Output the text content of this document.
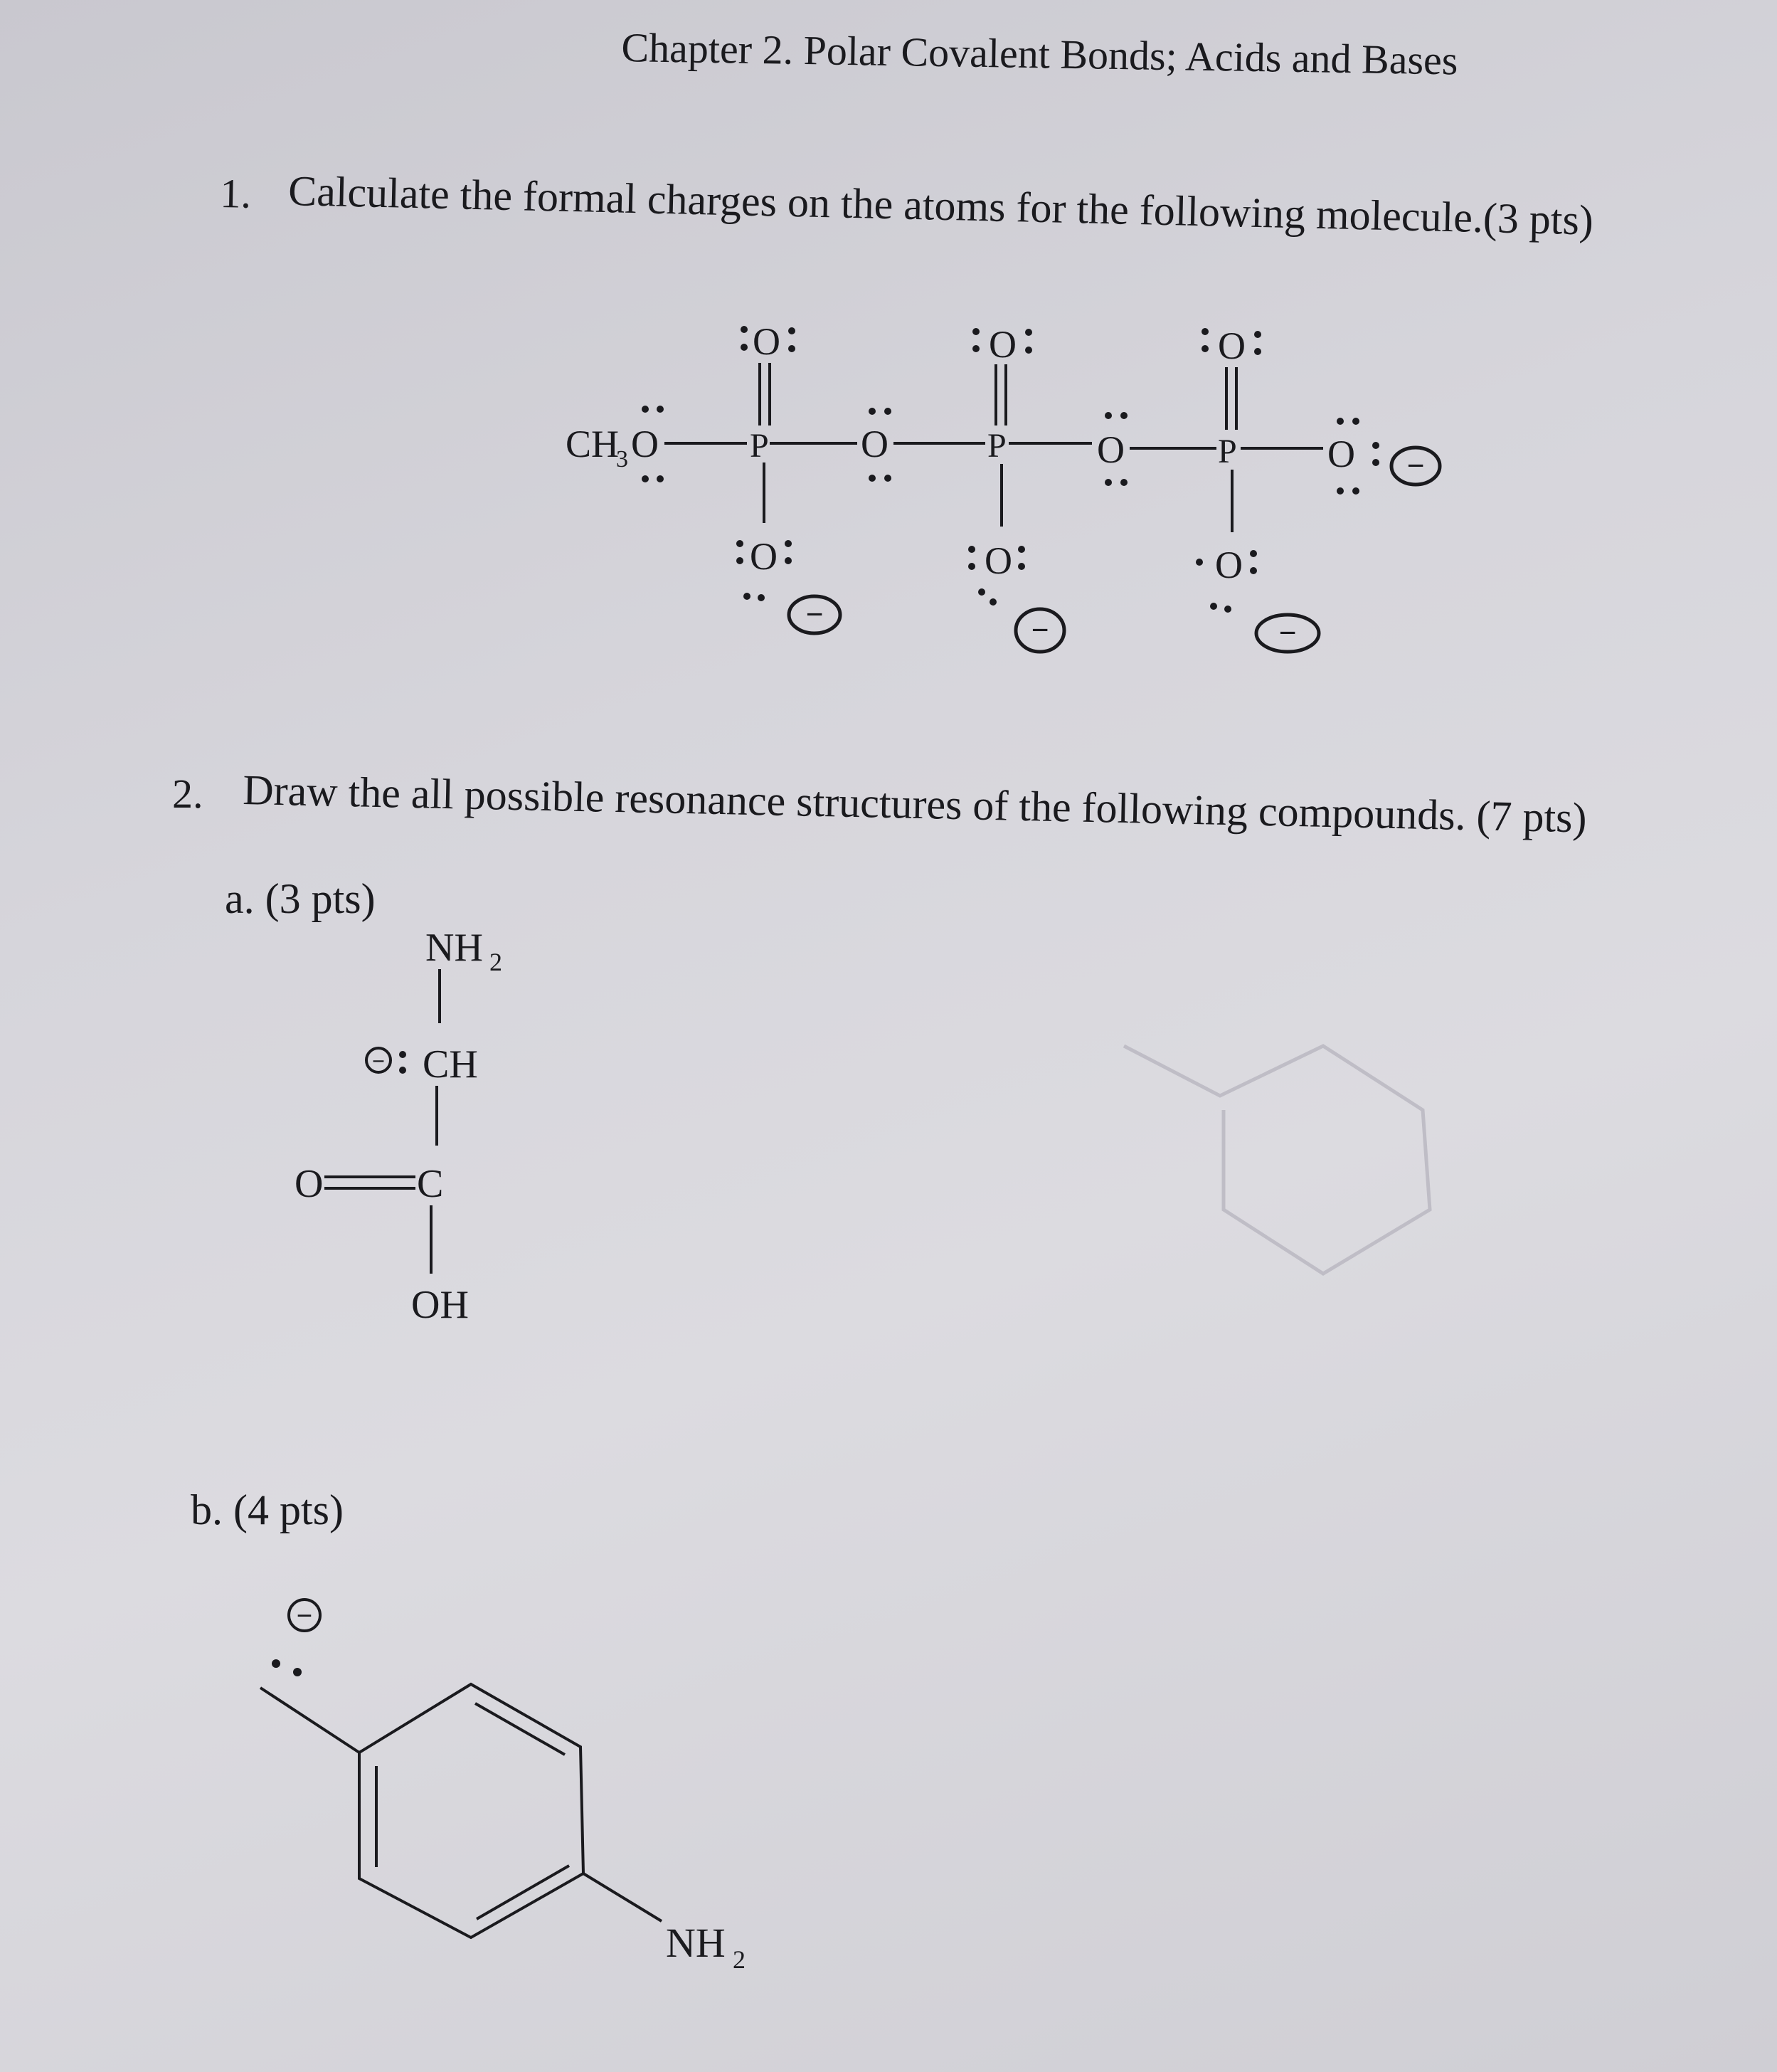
Chapter 2. Polar Covalent Bonds; Acids and Bases
1. Calculate the formal charges on the atoms for the following molecule.(3 pts)
2. Draw the all possible resonance structures of the following compounds. (7 pts)
a. (3 pts)
b. (4 pts)
CH
3 O	P
O
O
−
O	P
O
O
−
O	P
O
O
−
O −
NH 2
− CH
O C
OH
−
NH 2
